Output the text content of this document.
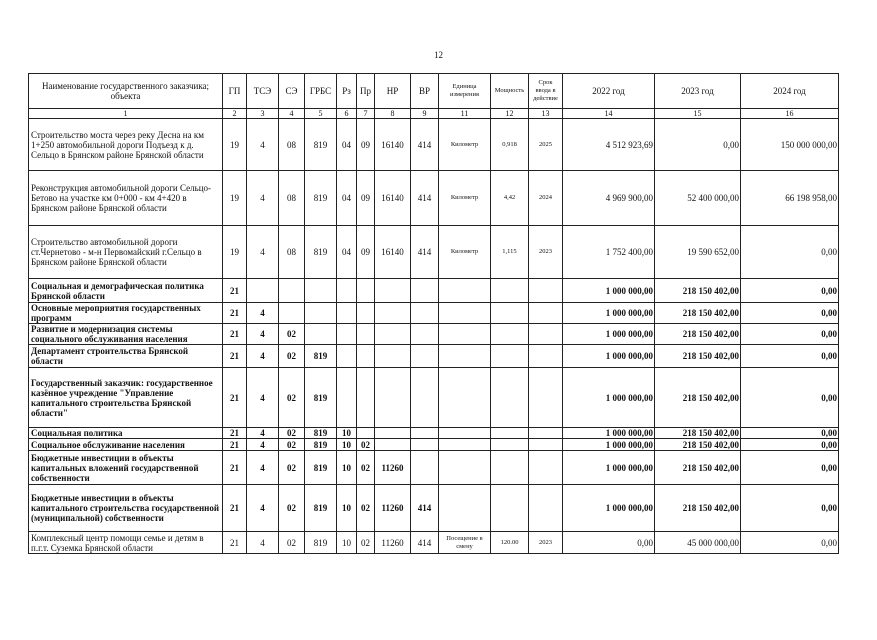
12
Наименование государственного заказчика; объекта	ГП	ТСЭ	СЭ	ГРБС	Рз	Пр	НР	ВР	Единица измерения	Мощность	Срок ввода в действие	2022 год	2023 год	2024 год
1	2	3	4	5	6	7	8	9	11	12	13	14	15	16
Строительство моста через реку Десна на км 1+250 автомобильной дороги Подъезд к д. Сельцо в Брянском районе Брянской области	19	4	08	819	04	09	16140	414	Километр	0,918	2025	4 512 923,69	0,00	150 000 000,00
Реконструкция автомобильной дороги Сельцо-Бетово на участке км 0+000 - км 4+420 в Брянском районе Брянской области	19	4	08	819	04	09	16140	414	Километр	4,42	2024	4 969 900,00	52 400 000,00	66 198 958,00
Строительство автомобильной дороги ст.Чернетово - м-н Первомайский г.Сельцо в Брянском районе Брянской области	19	4	08	819	04	09	16140	414	Километр	1,115	2023	1 752 400,00	19 590 652,00	0,00
Социальная и демографическая политика Брянской области	21											1 000 000,00	218 150 402,00	0,00
Основные мероприятия государственных программ	21	4										1 000 000,00	218 150 402,00	0,00
Развитие и модернизация системы социального обслуживания населения	21	4	02									1 000 000,00	218 150 402,00	0,00
Департамент строительства Брянской области	21	4	02	819								1 000 000,00	218 150 402,00	0,00
Государственный заказчик: государственное казённое учреждение "Управление капитального строительства Брянской области"	21	4	02	819								1 000 000,00	218 150 402,00	0,00
Социальная политика	21	4	02	819	10							1 000 000,00	218 150 402,00	0,00
Социальное обслуживание населения	21	4	02	819	10	02						1 000 000,00	218 150 402,00	0,00
Бюджетные инвестиции в объекты капитальных вложений государственной собственности	21	4	02	819	10	02	11260					1 000 000,00	218 150 402,00	0,00
Бюджетные инвестиции в объекты капитального строительства государственной (муниципальной) собственности	21	4	02	819	10	02	11260	414				1 000 000,00	218 150 402,00	0,00
Комплексный центр помощи семье и детям в п.г.т. Суземка Брянской области	21	4	02	819	10	02	11260	414	Посещение в смену	120.00	2023	0,00	45 000 000,00	0,00
